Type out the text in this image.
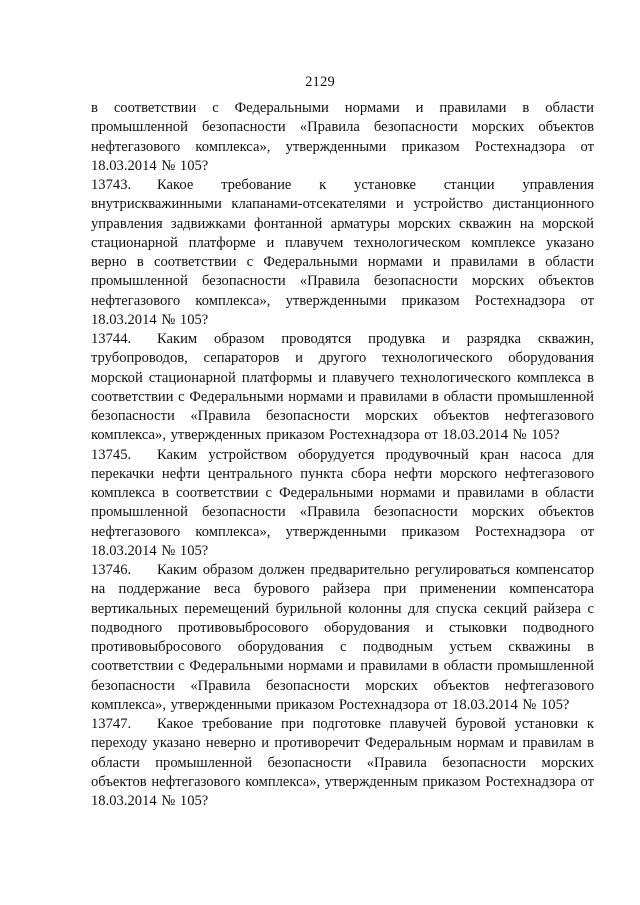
2129

в соответствии с Федеральными нормами и правилами в области промышленной безопасности «Правила безопасности морских объектов нефтегазового комплекса», утвержденными приказом Ростехнадзора от 18.03.2014 № 105?

13743. Какое требование к установке станции управления внутрискважинными клапанами-отсекателями и устройство дистанционного управления задвижками фонтанной арматуры морских скважин на морской стационарной платформе и плавучем технологическом комплексе указано верно в соответствии с Федеральными нормами и правилами в области промышленной безопасности «Правила безопасности морских объектов нефтегазового комплекса», утвержденными приказом Ростехнадзора от 18.03.2014 № 105?

13744. Каким образом проводятся продувка и разрядка скважин, трубопроводов, сепараторов и другого технологического оборудования морской стационарной платформы и плавучего технологического комплекса в соответствии с Федеральными нормами и правилами в области промышленной безопасности «Правила безопасности морских объектов нефтегазового комплекса», утвержденных приказом Ростехнадзора от 18.03.2014 № 105?

13745. Каким устройством оборудуется продувочный кран насоса для перекачки нефти центрального пункта сбора нефти морского нефтегазового комплекса в соответствии с Федеральными нормами и правилами в области промышленной безопасности «Правила безопасности морских объектов нефтегазового комплекса», утвержденными приказом Ростехнадзора от 18.03.2014 № 105?

13746. Каким образом должен предварительно регулироваться компенсатор на поддержание веса бурового райзера при применении компенсатора вертикальных перемещений бурильной колонны для спуска секций райзера с подводного противовыбросового оборудования и стыковки подводного противовыбросового оборудования с подводным устьем скважины в соответствии с Федеральными нормами и правилами в области промышленной безопасности «Правила безопасности морских объектов нефтегазового комплекса», утвержденными приказом Ростехнадзора от 18.03.2014 № 105?

13747. Какое требование при подготовке плавучей буровой установки к переходу указано неверно и противоречит Федеральным нормам и правилам в области промышленной безопасности «Правила безопасности морских объектов нефтегазового комплекса», утвержденным приказом Ростехнадзора от 18.03.2014 № 105?
